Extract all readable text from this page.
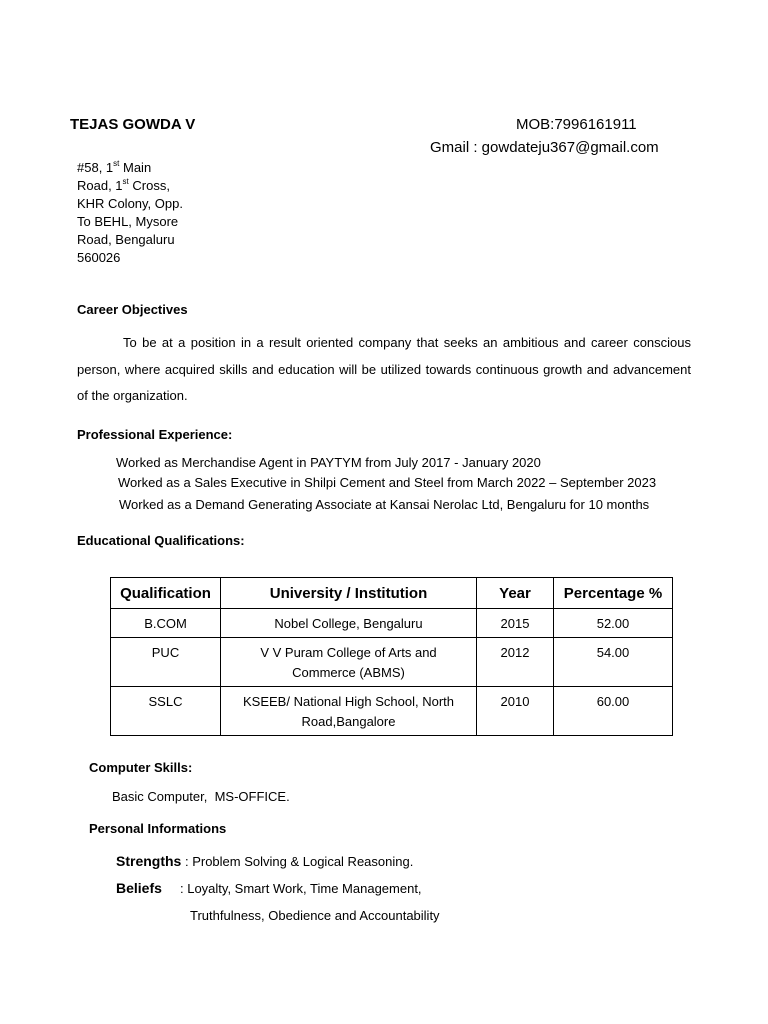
TEJAS GOWDA V	MOB:7996161911
Gmail : gowdateju367@gmail.com
#58, 1st Main
Road, 1st Cross,
KHR Colony, Opp.
To BEHL, Mysore
Road, Bengaluru
560026
Career Objectives
To be at a position in a result oriented company that seeks an ambitious and career conscious person, where acquired skills and education will be utilized towards continuous growth and advancement of the organization.
Professional Experience:
Worked as Merchandise Agent in PAYTYM from July 2017 - January 2020
Worked as a Sales Executive in Shilpi Cement and Steel from March 2022 – September 2023
Worked as a Demand Generating Associate at Kansai Nerolac Ltd, Bengaluru for 10 months
Educational Qualifications:
Qualification	University / Institution	Year	Percentage %
B.COM	Nobel College, Bengaluru	2015	52.00
PUC	V V Puram College of Arts and Commerce (ABMS)	2012	54.00
SSLC	KSEEB/ National High School, North Road,Bangalore	2010	60.00
Computer Skills:
Basic Computer,  MS-OFFICE.
Personal Informations
Strengths : Problem Solving & Logical Reasoning.
Beliefs : Loyalty, Smart Work, Time Management,
Truthfulness, Obedience and Accountability
